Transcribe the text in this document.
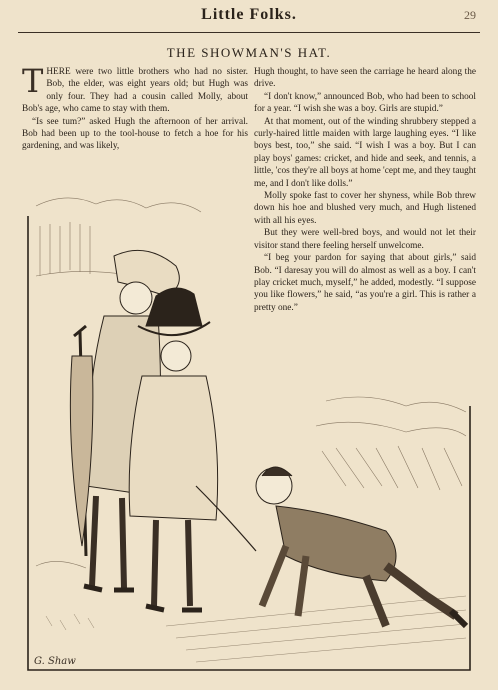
Little Folks.	29
THE SHOWMAN'S HAT.

THERE were two little brothers who had no sister. Bob, the elder, was eight years old; but Hugh was only four. They had a cousin called Molly, about Bob's age, who came to stay with them.

“Is see tum?” asked Hugh the afternoon of her arrival. Bob had been up to the tool-house to fetch a hoe for his gardening, and was likely,

Hugh thought, to have seen the carriage he heard along the drive.

“I don't know,” announced Bob, who had been to school for a year. “I wish she was a boy. Girls are stupid.”

At that moment, out of the winding shrubbery stepped a curly-haired little maiden with large laughing eyes. “I like boys best, too,” she said. “I wish I was a boy. But I can play boys' games: cricket, and hide and seek, and tennis, a little, 'cos they're all boys at home 'cept me, and they taught me, and I don't like dolls.”

Molly spoke fast to cover her shyness, while Bob threw down his hoe and blushed very much, and Hugh listened with all his eyes.

But they were well-bred boys, and would not let their visitor stand there feeling herself unwelcome.

“I beg your pardon for saying that about girls,” said Bob. “I daresay you will do almost as well as a boy. I can't play cricket much, myself,” he added, modestly. “I suppose you like flowers,” he said, “as you're a girl. This is rather a pretty one.”

G. Shaw
